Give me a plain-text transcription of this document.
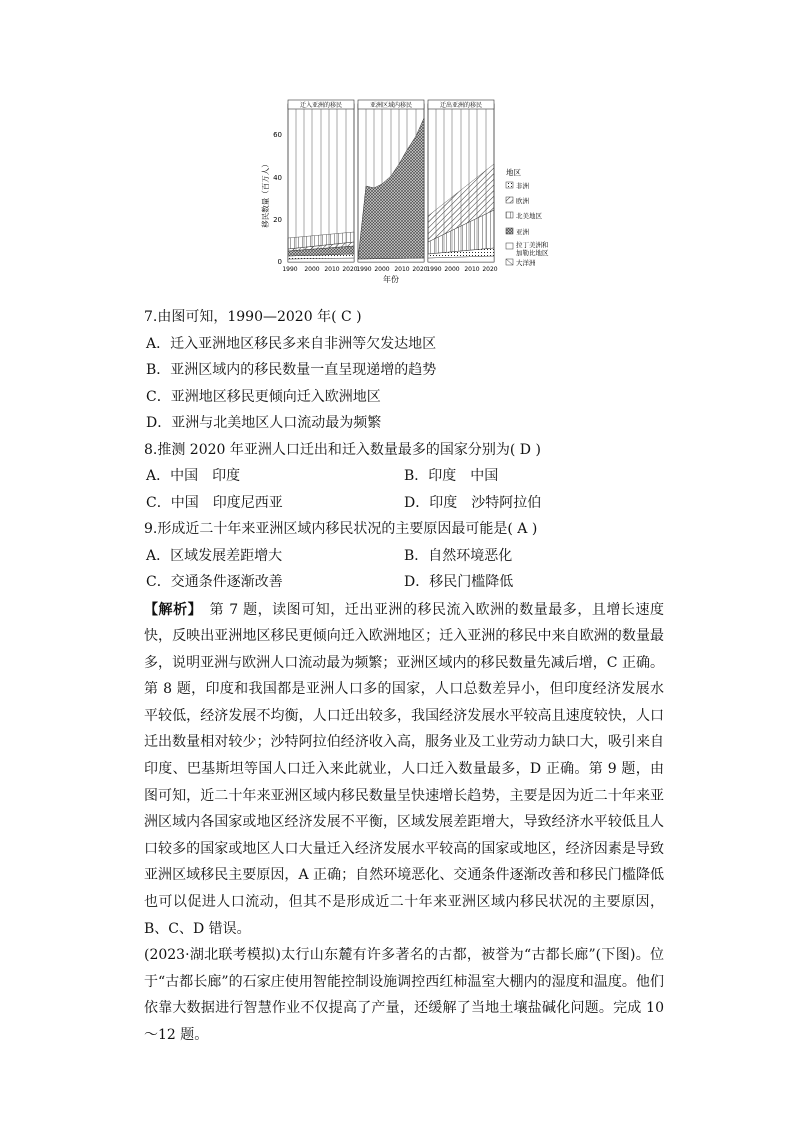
迁入亚洲的移民	亚洲区域内移民	迁出亚洲的移民
0
20
40
60
移民数量（百万人）
1990 2000 2010 2020
1990 2000 2010 2020
1990 2000 2010 2020
年份
地区
非洲
欧洲
北美地区
亚洲
拉丁美洲和
加勒比地区
大洋洲
7.由图可知，1990—2020 年( C )
A．迁入亚洲地区移民多来自非洲等欠发达地区
B．亚洲区域内的移民数量一直呈现递增的趋势
C．亚洲地区移民更倾向迁入欧洲地区
D．亚洲与北美地区人口流动最为频繁
8.推测 2020 年亚洲人口迁出和迁入数量最多的国家分别为( D )
A．中国　印度	B．印度　中国
C．中国　印度尼西亚	D．印度　沙特阿拉伯
9.形成近二十年来亚洲区域内移民状况的主要原因最可能是( A )
A．区域发展差距增大	B．自然环境恶化
C．交通条件逐渐改善	D．移民门槛降低

【解析】　第 7 题，读图可知，迁出亚洲的移民流入欧洲的数量最多，且增长速度快，反映出亚洲地区移民更倾向迁入欧洲地区；迁入亚洲的移民中来自欧洲的数量最多，说明亚洲与欧洲人口流动最为频繁；亚洲区域内的移民数量先减后增，C 正确。第 8 题，印度和我国都是亚洲人口多的国家，人口总数差异小，但印度经济发展水平较低，经济发展不均衡，人口迁出较多，我国经济发展水平较高且速度较快，人口迁出数量相对较少；沙特阿拉伯经济收入高，服务业及工业劳动力缺口大，吸引来自印度、巴基斯坦等国人口迁入来此就业，人口迁入数量最多，D 正确。第 9 题，由图可知，近二十年来亚洲区域内移民数量呈快速增长趋势，主要是因为近二十年来亚洲区域内各国家或地区经济发展不平衡，区域发展差距增大，导致经济水平较低且人口较多的国家或地区人口大量迁入经济发展水平较高的国家或地区，经济因素是导致亚洲区域移民主要原因，A 正确；自然环境恶化、交通条件逐渐改善和移民门槛降低也可以促进人口流动，但其不是形成近二十年来亚洲区域内移民状况的主要原因，B、C、D 错误。

(2023·湖北联考模拟)太行山东麓有许多著名的古都，被誉为“古都长廊”(下图)。位于“古都长廊”的石家庄使用智能控制设施调控西红柿温室大棚内的湿度和温度。他们依靠大数据进行智慧作业不仅提高了产量，还缓解了当地土壤盐碱化问题。完成 10～12 题。
